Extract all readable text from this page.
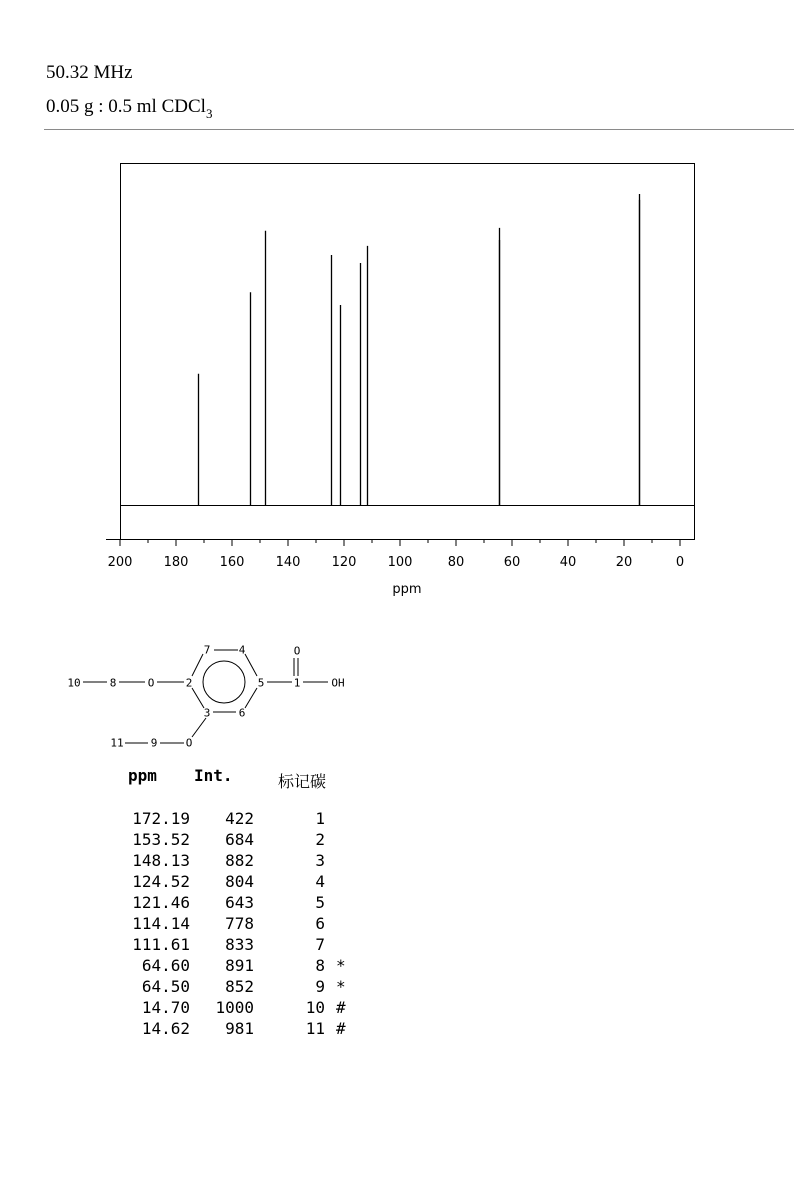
50.32 MHz
0.05 g : 0.5 ml CDCl$_3$
200 180 160 140 120 100	80	60	40	20	0
ppm
10	8	O	2
7	4
5	1
O
OH
3	6
O
9
11
ppm Int.	标记碳
172.19 422	1
153.52 684	2
148.13 882	3
124.52 804	4
121.46 643	5
114.14 778	6
111.61 833	7
64.60 891	8 *
64.50 852	9 *
14.70 1000	10 #
14.62 981	11 #
